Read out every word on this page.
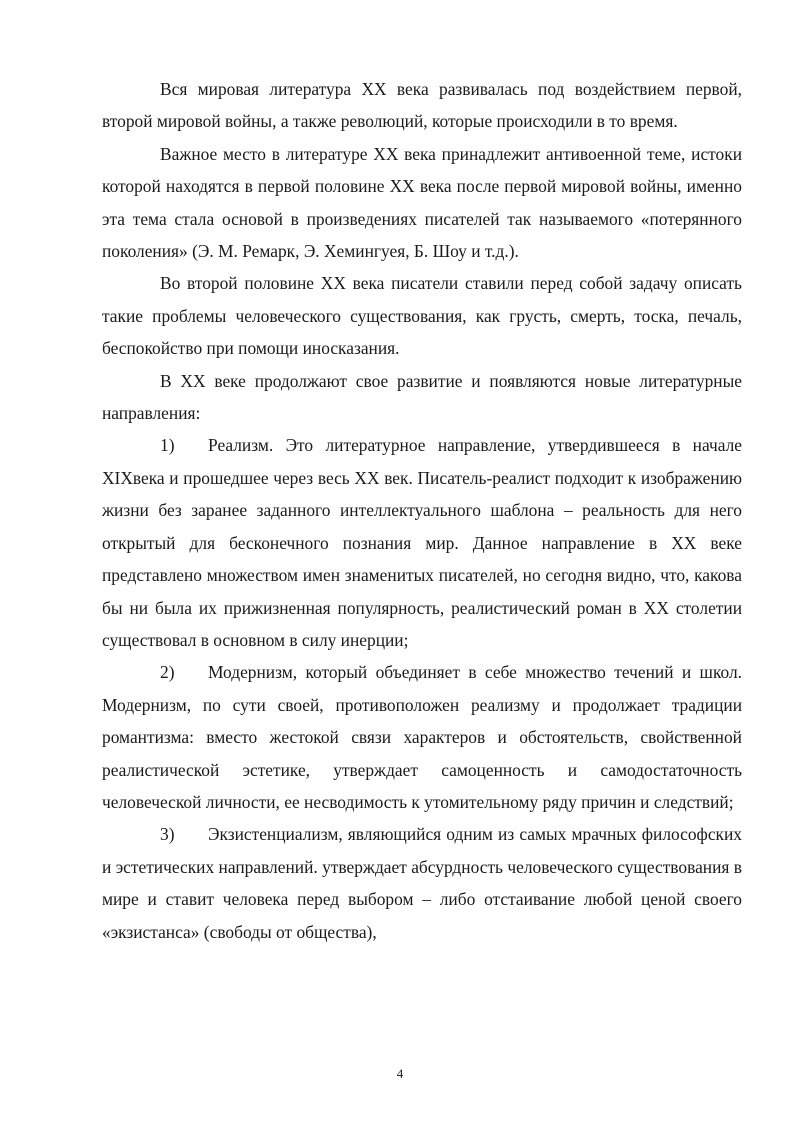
Вся мировая литература XX века развивалась под воздействием первой, второй мировой войны, а также революций, которые происходили в то время.

Важное место в литературе XX века принадлежит антивоенной теме, истоки которой находятся в первой половине XX века после первой мировой войны, именно эта тема стала основой в произведениях писателей так называемого «потерянного поколения» (Э. М. Ремарк, Э. Хемингуея, Б. Шоу и т.д.).

Во второй половине XX века писатели ставили перед собой задачу описать такие проблемы человеческого существования, как грусть, смерть, тоска, печаль, беспокойство при помощи иносказания.

В XX веке продолжают свое развитие и появляются новые литературные направления:

1) Реализм. Это литературное направление, утвердившееся в начале XIXвека и прошедшее через весь XX век. Писатель-реалист подходит к изображению жизни без заранее заданного интеллектуального шаблона – реальность для него открытый для бесконечного познания мир. Данное направление в XX веке представлено множеством имен знаменитых писателей, но сегодня видно, что, какова бы ни была их прижизненная популярность, реалистический роман в XX столетии существовал в основном в силу инерции;

2) Модернизм, который объединяет в себе множество течений и школ. Модернизм, по сути своей, противоположен реализму и продолжает традиции романтизма: вместо жестокой связи характеров и обстоятельств, свойственной реалистической эстетике, утверждает самоценность и самодостаточность человеческой личности, ее несводимость к утомительному ряду причин и следствий;

3) Экзистенциализм, являющийся одним из самых мрачных философских и эстетических направлений. утверждает абсурдность человеческого существования в мире и ставит человека перед выбором – либо отстаивание любой ценой своего «экзистанса» (свободы от общества),

4
